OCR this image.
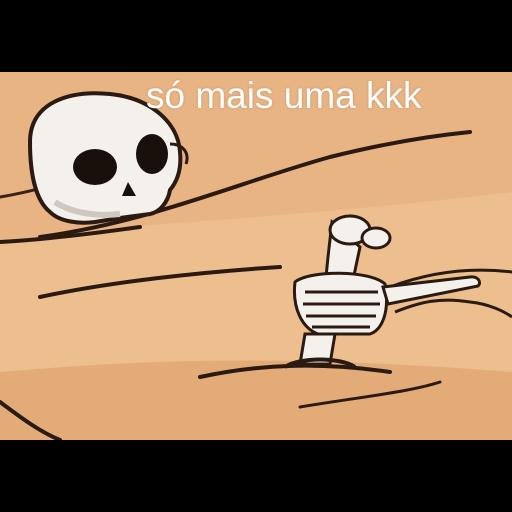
só mais uma kkk
